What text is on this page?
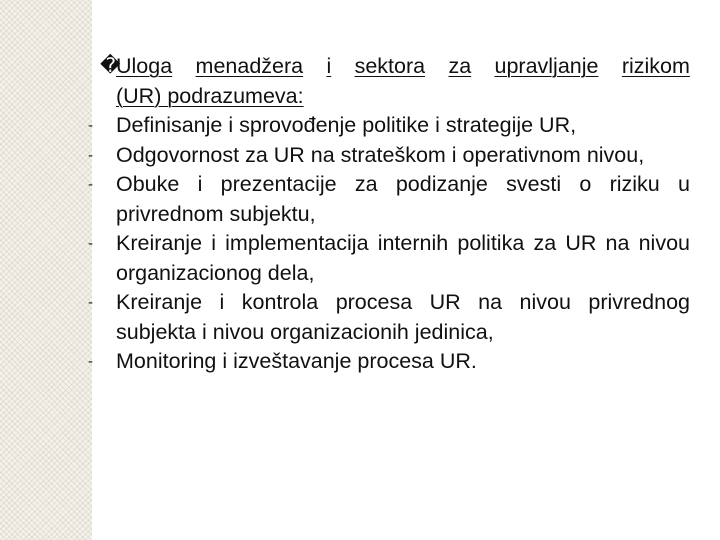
�
Uloga menadžera i sektora za upravljanje rizikom
(UR) podrazumeva:
- Definisanje i sprovođenje politike i strategije UR,
- Odgovornost za UR na strateškom i operativnom nivou,
- Obuke i prezentacije za podizanje svesti o riziku u privrednom subjektu,
- Kreiranje i implementacija internih politika za UR na nivou organizacionog dela,
- Kreiranje i kontrola procesa UR na nivou privrednog subjekta i nivou organizacionih jedinica,
- Monitoring i izveštavanje procesa UR.
